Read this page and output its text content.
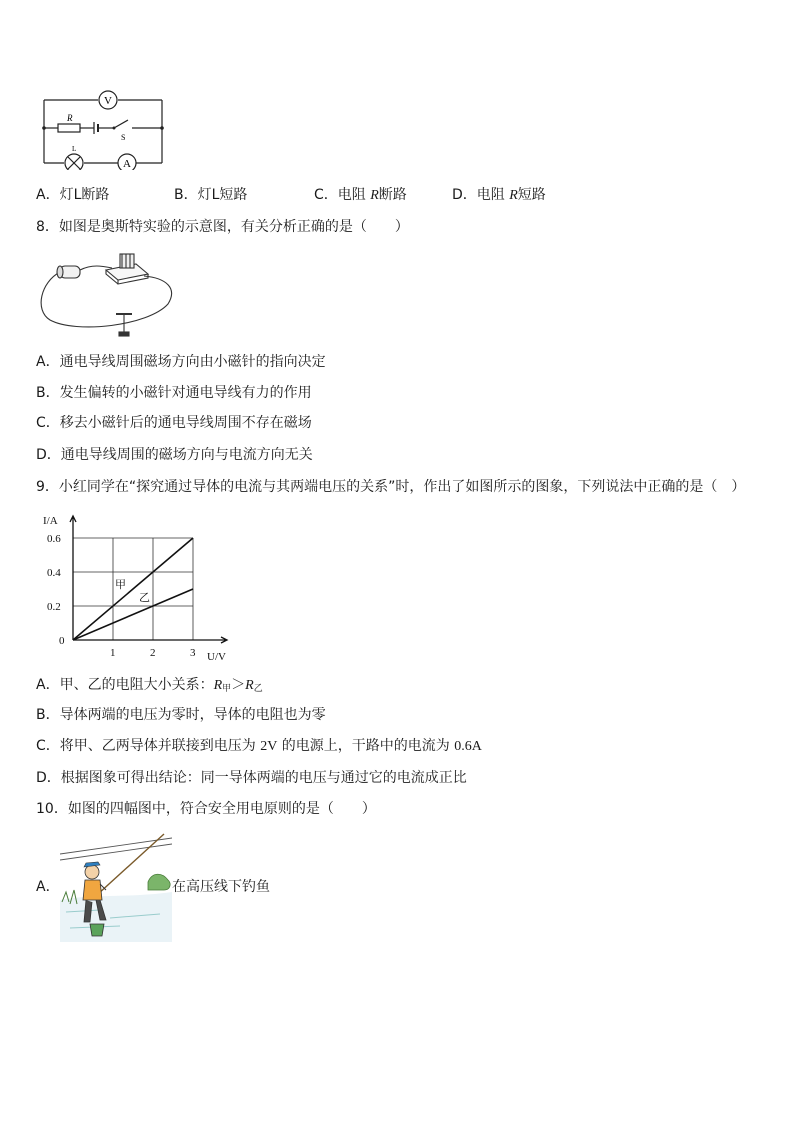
V
A
R
S
L
A．灯L断路	B．灯L短路	C．电阻 R断路	D．电阻 R短路
8．如图是奥斯特实验的示意图，有关分析正确的是（　　）
A．通电导线周围磁场方向由小磁针的指向决定
B．发生偏转的小磁针对通电导线有力的作用
C．移去小磁针后的通电导线周围不存在磁场
D．通电导线周围的磁场方向与电流方向无关
9．小红同学在“探究通过导体的电流与其两端电压的关系”时，作出了如图所示的图象，下列说法中正确的是（　）
0
1	2	3
0.2
0.4
0.6
I/A
U/V
甲
乙
A．甲、乙的电阻大小关系：$R_甲>R_乙$
B．导体两端的电压为零时，导体的电阻也为零
C．将甲、乙两导体并联接到电压为 2V 的电源上，干路中的电流为 0.6A
D．根据图象可得出结论：同一导体两端的电压与通过它的电流成正比
10．如图的四幅图中，符合安全用电原则的是（　　）
A．	在高压线下钓鱼
